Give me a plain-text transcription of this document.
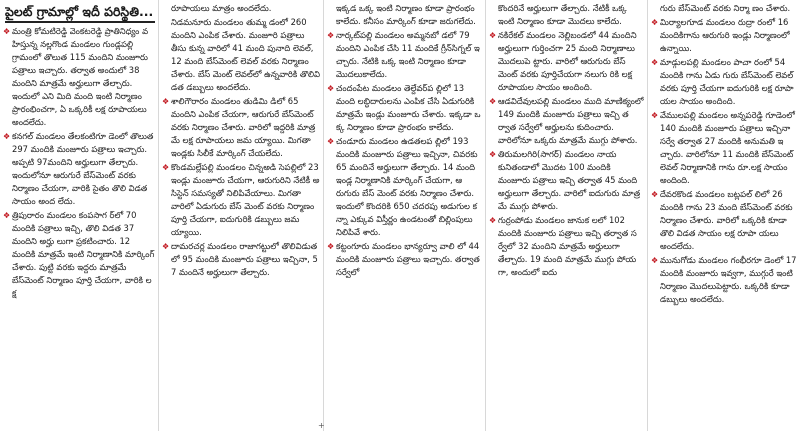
పైలట్ గ్రామాల్లో ఇదీ పరిస్థితి...
❖ మంత్రి కోమటిరెడ్డి వెంకటరెడ్డి ప్రాతినిధ్యం వహిస్తున్న నల్లగొండ మండలం గుండ్లపల్లి గ్రామంలో తొలుత 115 మందిని మంజూరు పత్రాలు ఇచ్చారు. తర్వాత అందులో 38 మందిని మాత్రమే అర్హులుగా తేల్చారు. ఇందులో ఎని మిది మంది ఇంటి నిర్మాణం ప్రారంభించగా, ఏ ఒక్కరికీ లక్ష రూపాయలు అందలేదు.
❖ కనగల్ మండలం తేలకంటిగూ డెంలో తొలుత 297 మందికి మంజూరు పత్రాలు ఇచ్చారు. అప్పటి 97మందిని అర్హులుగా తేల్చారు. ఇందులోనూ ఆరుగురే బేస్‌మెంట్ వరకు నిర్మాణం చేయగా, వారికి సైతం తొలి విడత సాయం అంద లేదు.
❖ త్రిపురారం మండలం కంపసాగ ర్‌లో 70 మందికి పత్రాలు ఇచ్చి, తొలి విడత 37 మందిని అర్హు లుగా ప్రకటించారు. 12 మందికి మాత్రమే ఇంటి నిర్మాణానికి మార్కింగ్ చేశారు. పుట్టి వరకు ఇద్దరు మాత్రమే బేస్‌మెంట్ నిర్మాణం పూర్తి చేయగా, వారికి లక్ష
రూపాయలు మాత్రం అందలేదు.
నిడమనూరు మండలం తుమ్మ డంలో 260 మందిని ఎంపిక చేశారు. మంజూరి పత్రాలు తీసు కున్న వారిలో 41 మంది పునాది లెవల్, 12 మంది బేస్‌మెంట్ లెవల్ వరకు నిర్మాణం చేశారు. బేస్‌ మెంట్ లెవల్‌లో ఉన్నవారికి తొలివి డత డబ్బులు అందలేదు.
❖ శాలిగౌరారం మండలం తుడిమి డిలో 65 మందిని ఎంపిక చేయగా, ఆరుగురే బేస్‌మెంట్ వరకు నిర్మాణం చేశారు. వారిలో ఇద్దరికి మాత్రమే లక్ష రూపాయలు జమ య్యాయి. మిగతా ఇండ్లకు సిలీకే మార్కింగ్ చేయలేదు.
❖ కొండమల్లేపల్లి మండలం చిన్నఅడి సెపల్లిలో 23 ఇండ్లు మంజూరు చేయగా, ఆరుగురిని నేటికీ అసిస్టెన్ సమస్యతో నిలిపివేయాలు. మిగతా వారిలో ఏడుగురు బేస్‌ మెంట్ వరకు నిర్మాణం పూర్తి చేయగా, ఐదుగురికి డబ్బులు జమ య్యాయి.
❖ దామరచర్ల మండలం రాజాగట్టులో తొలివిడుతలో 95 మందికి మంజూరు పత్రాలు ఇచ్చినా, 57 మందినే అర్హులుగా తేల్చారు.
ఇక్కడ ఒక్క ఇంటి నిర్మాణం కూడా ప్రారంభం కాలేదు. కనీసం మార్కింగ్ కూడా జరుగలేదు.
❖ నార్కట్‌పల్లి మండలం అమ్మనబో డలో 79 మందిని ఎంపిక చేసి 11 మందికే గ్రీన్‌సిగ్నల్ ఇచ్చారు. నేటికి ఒక్క ఇంటి నిర్మాణం కూడా మొదలుకాలేదు.
❖ చందంపేట మండలం తెల్దేవర్‌ప ల్లిలో 13 మంది లబ్ధిదారులను ఎంపిక చేసి ఏడుగురికి మాత్రమే ఇండ్లు మంజూరు చేశారు. ఇక్కడా ఒక్క నిర్మాణం కూడా ప్రారంభం కాలేదు.
❖ చండూరు మండలం ఉడతలప ల్లిలో 193 మందికి మంజూరు పత్రాలు ఇచ్చినా, చివరకు 65 మందినే అర్హులుగా తేల్చారు. 14 మంది ఇండ్ల నిర్మాణానికి మార్కింగ్ చేయగా, ఆరుగురు బేస్‌ మెంట్ వరకు నిర్మాణం చేశారు. ఇందులో కొందరికి 650 చదరపు అడుగుల కన్నా ఎక్కువ విస్తీర్ణం ఉండటంతో బిల్లింపులు నిలిపివే శారు.
❖ కట్టంగూరు మండలం భాన్యర్వూ వాలి లో 44 మందికి మంజూరు పత్రాలు ఇచ్చారు. తర్వాత సర్వేలో
కొందరినే అర్హులుగా తేల్చారు. నేటికీ ఒక్క ఇంటి నిర్మాణం కూడా మొదలు కాలేదు.
❖ నకిరేకల్ మండలం నెల్లిబండలో 44 మందిని అర్హులుగా గుర్తించగా 25 మంది నిర్మాణాలు మొదలుపె ట్టారు. వారిలో ఆరుగురు బేస్‌ మెంట్ వరకు పూర్తిచేయగా నలుగు రికి లక్ష రూపాయల సాయం అందింది.
❖ ఆడవిదేవులపల్లి మండలం ముది మాణిక్యంలో 149 మందికి మంజూరు పత్రాలు ఇచ్చి తర్వాత సర్వేలో అర్హులను కుదించారు. వారిలోనూ ఒక్కరు మాత్రమే ముగ్గు పోశారు.
❖ తిరుమలగిరి(సాగర్) మండలం నాయకునితండాలో మొదట 100 మందికి మంజూరు పత్రాలు ఇచ్చి తర్వాత 45 మంది అర్హులుగా తేల్చారు. వారిలో ఐదుగురు మాత్రమే ముగ్గు పోశారు.
❖ గుర్రంపోడు మండలం జానుక లలో 102 మందికి మంజూరు పత్రాలు ఇచ్చి తర్వాత సర్వేలో 32 మందిని మాత్రమే అర్హులుగా తేల్చారు. 19 మంది మాత్రమే ముగ్గు పోయగా, అందులో ఐదు
గురు బేస్‌మెంట్ వరకు నిర్మా ణం చేశారు.
❖ మిర్యాలగూడ మండలం రుద్రా రంలో 16 మందికిగాను ఆరుగురి ఇండ్లు నిర్మాణంలో ఉన్నాయి.
❖ మాడ్గులపల్లి మండలం పాచా రంలో 54 మందికి గాను ఏడు గురు బేస్‌మెంట్ లెవల్ వరకు పూర్తి చేయగా ఐదుగురికి లక్ష రూపా యల సాయం అందింది.
❖ వేములపల్లి మండలం అన్నపరెడ్డి గూడెంలో 140 మందికి మంజూరు పత్రాలు ఇచ్చినా సర్వే తర్వాత 27 మందికి అనుమతి ఇచ్చారు. వారిలోనూ 11 మందికి బేస్‌మెంట్ లెవల్ నిర్మాణానికి గాను రూ.లక్ష సాయం అందింది.
❖ దేవరకొండ మండలం బట్లపల్ లిలో 26 మందికి గాను 23 మంది బేస్‌మెంట్ వరకు నిర్మాణం చేశారు. వారిలో ఒక్కరికి కూడా తొలి విడత సాయం లక్ష రూపా యలు అందలేదు.
❖ మునుగోడు మండలం గంభీరగూ డెంలో 17 మందికి మంజూరు ఇవ్వగా, ముగ్గురే ఇంటి నిర్మాణం మొదలుపెట్టారు. ఒక్కరికి కూడా డబ్బులు అందలేదు.
+
